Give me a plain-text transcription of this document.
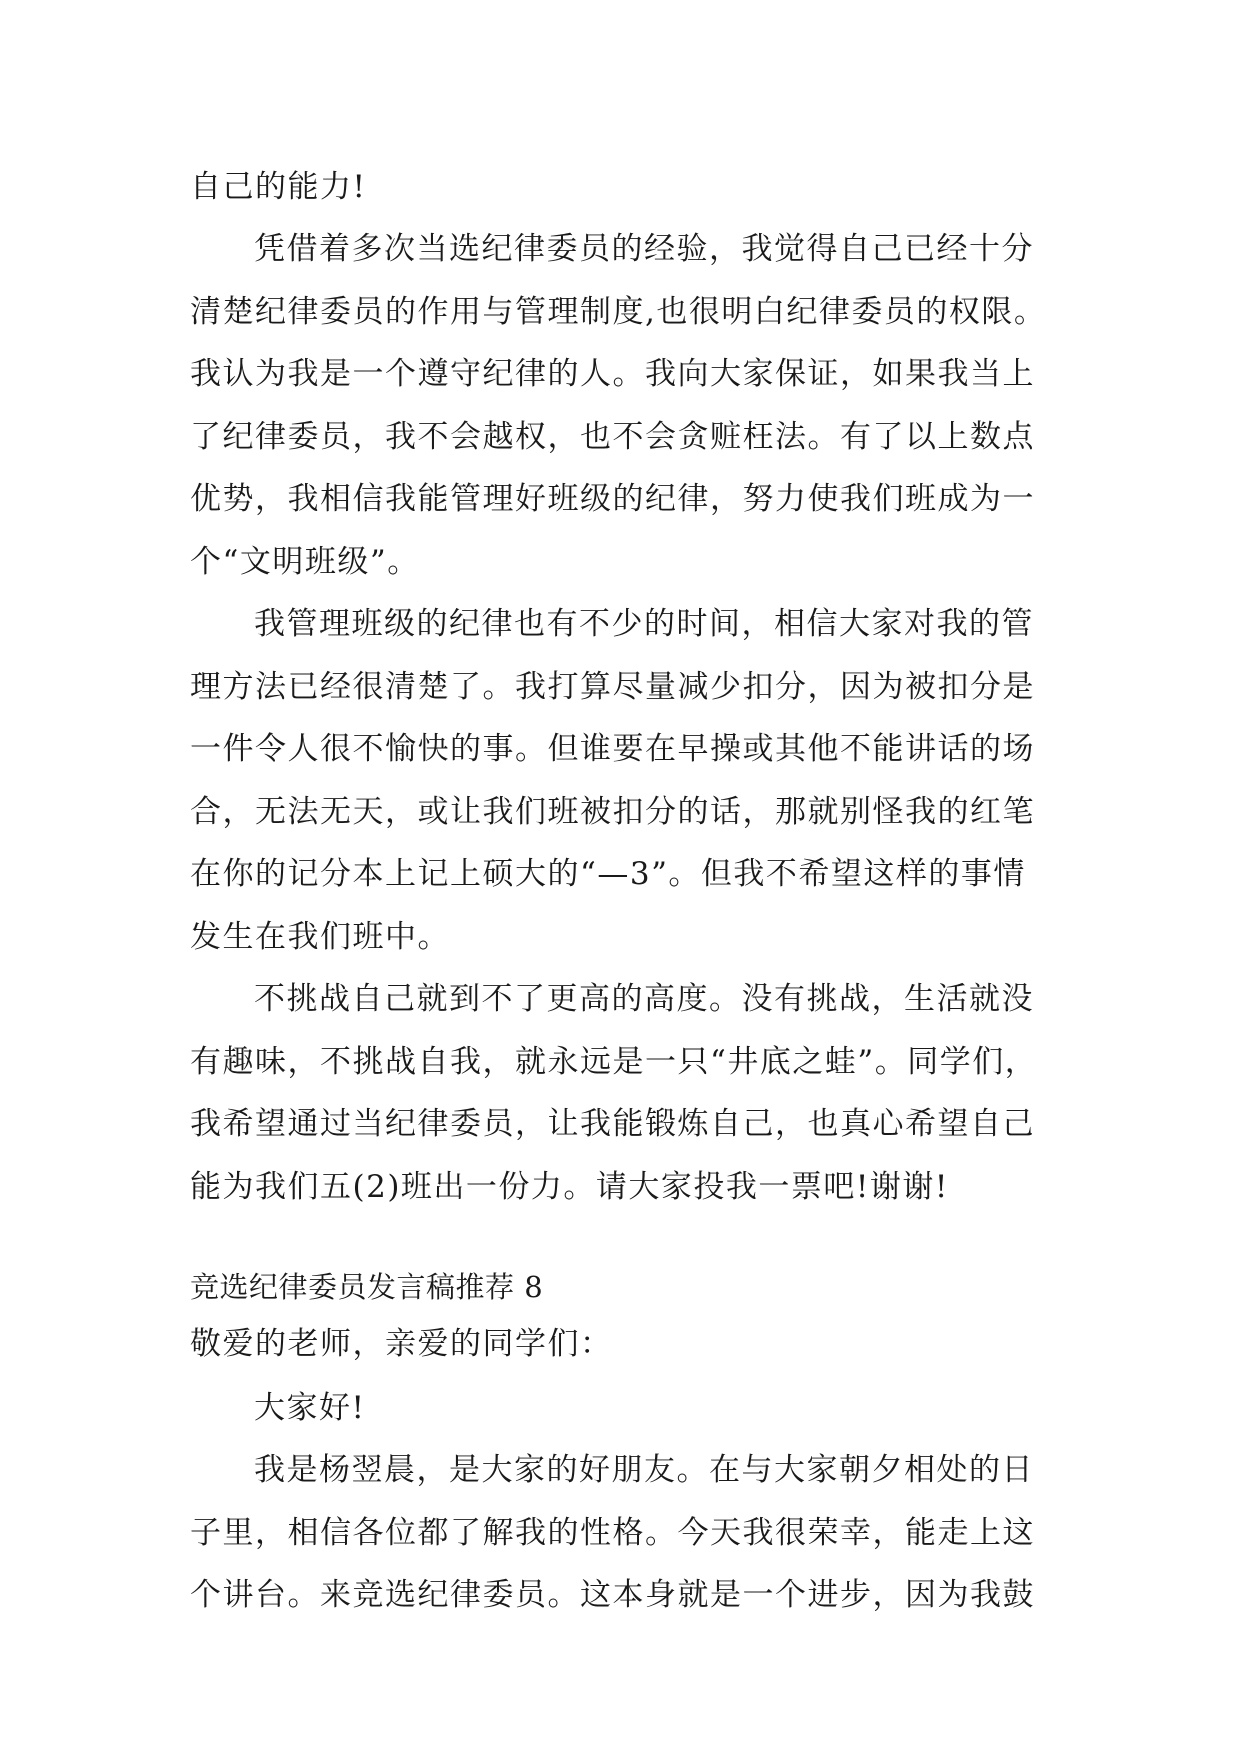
自己的能力!
凭借着多次当选纪律委员的经验，我觉得自己已经十分
清楚纪律委员的作用与管理制度,也很明白纪律委员的权限。
我认为我是一个遵守纪律的人。我向大家保证，如果我当上
了纪律委员，我不会越权，也不会贪赃枉法。有了以上数点
优势，我相信我能管理好班级的纪律，努力使我们班成为一
个“文明班级”。
我管理班级的纪律也有不少的时间，相信大家对我的管
理方法已经很清楚了。我打算尽量减少扣分，因为被扣分是
一件令人很不愉快的事。但谁要在早操或其他不能讲话的场
合，无法无天，或让我们班被扣分的话，那就别怪我的红笔
在你的记分本上记上硕大的“—3”。但我不希望这样的事情
发生在我们班中。
不挑战自己就到不了更高的高度。没有挑战，生活就没
有趣味，不挑战自我，就永远是一只“井底之蛙”。同学们，
我希望通过当纪律委员，让我能锻炼自己，也真心希望自己
能为我们五(2)班出一份力。请大家投我一票吧!谢谢!
竞选纪律委员发言稿推荐 8
敬爱的老师，亲爱的同学们：
大家好!
我是杨翌晨，是大家的好朋友。在与大家朝夕相处的日
子里，相信各位都了解我的性格。今天我很荣幸，能走上这
个讲台。来竞选纪律委员。这本身就是一个进步，因为我鼓
